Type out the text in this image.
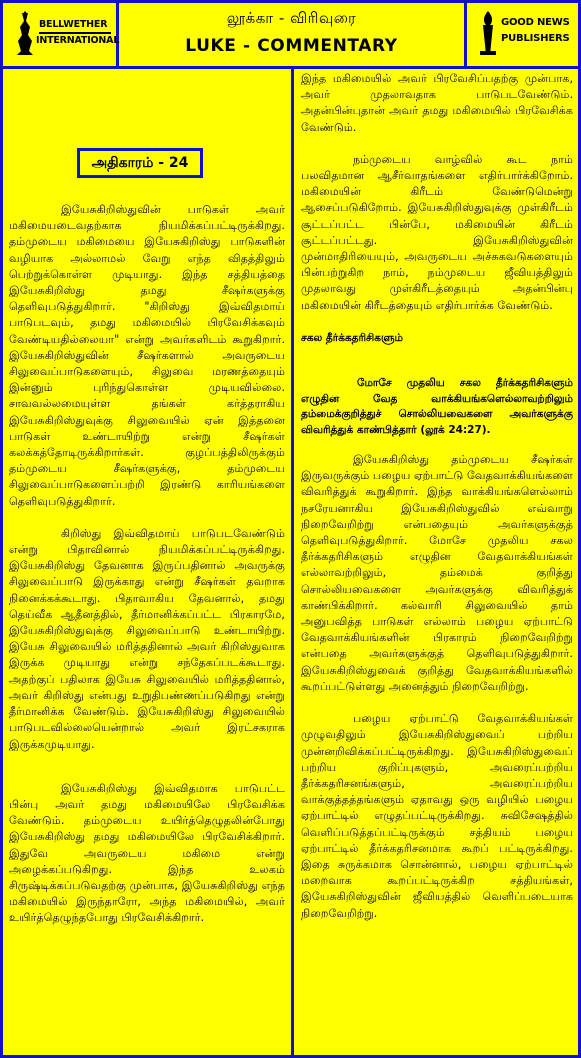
BELLWETHER
INTERNATIONAL
லூக்கா - விரிவுரை
LUKE - COMMENTARY
GOOD NEWS
PUBLISHERS
அதிகாரம் - 24

இயேசுகிறிஸ்துவின் பாடுகள் அவர் மகிமையடைவதற்காக நியமிக்கப்பட்டிருக்கிறது. தம்முடைய மகிமையை இயேசுகிறிஸ்து பாடுகளின் வழியாக அல்லாமல் வேறு எந்த விதத்திலும் பெற்றுக்கொள்ள முடியாது. இந்த சத்தியத்தை இயேசுகிறிஸ்து தமது சீஷர்களுக்கு தெளிவுபடுத்துகிறார். "கிறிஸ்து இவ்விதமாய் பாடுபடவும், தமது மகிமையில் பிரவேசிக்கவும் வேண்டியதில்லையா" என்று அவர்களிடம் கூறுகிறார். இயேசுகிறிஸ்துவின் சீஷர்களால் அவருடைய சிலுவைப்பாடுகளையும், சிலுவை மரணத்தையும் இன்னும் புரிந்துகொள்ள முடியவில்லை. சாவவல்லமையுள்ள தங்கள் கர்த்தராகிய இயேசுகிறிஸ்துவுக்கு சிலுவையில் ஏன் இத்தனை பாடுகள் உண்டாயிற்று என்று சீஷர்கள் கலக்கத்தோடிருக்கிறார்கள். குழப்பத்திலிருக்கும் தம்முடைய சீஷர்களுக்கு, தம்முடைய சிலுவைப்பாடுகளைப்பற்றி இரண்டு காரியங்களை தெளிவுபடுத்துகிறார்.

கிறிஸ்து இவ்விதமாய் பாடுபடவேண்டும் என்று பிதாவினால் நியமிக்கப்பட்டிருக்கிறது. இயேசுகிறிஸ்து தேவனாக இருப்பதினால் அவருக்கு சிலுவைப்பாடு இருக்காது என்று சீஷர்கள் தவறாக நினைக்கக்கூடாது. பிதாவாகிய தேவனால், தமது தெய்வீக ஆதீனத்தில், தீர்மானிக்கப்பட்ட பிரகாரமே, இயேசுகிறிஸ்துவுக்கு சிலுவைப்பாடு உண்டாயிற்று. இயேசு சிலுவையில் மரித்ததினால் அவர் கிறிஸ்துவாக இருக்க முடியாது என்று சந்தேகப்படக்கூடாது. அதற்குப் பதிலாக இயேசு சிலுவையில் மரித்ததினால், அவர் கிறிஸ்து என்பது உறுதிபண்ணப்படுகிறது என்று தீர்மானிக்க வேண்டும். இயேசுகிறிஸ்து சிலுவையில் பாடுபடவில்லையென்றால் அவர் இரட்சகராக இருக்கமுடியாது.

இயேசுகிறிஸ்து இவ்விதமாக பாடுபட்ட பின்பு அவர் தமது மகிமையிலே பிரவேசிக்க வேண்டும். தம்முடைய உயிர்த்தெழுதலின்போது இயேசுகிறிஸ்து தமது மகிமையிலே பிரவேசிக்கிறார். இதுவே அவருடைய மகிமை என்று அழைக்கப்படுகிறது. இந்த உலகம் சிருஷ்டிக்கப்படுவதற்கு முன்பாக, இயேசுகிறிஸ்து எந்த மகிமையில் இருந்தாரோ, அந்த மகிமையில், அவர் உயிர்த்தெழுந்தபோது பிரவேசிக்கிறார்.

இந்த மகிமையில் அவர் பிரவேசிப்பதற்கு முன்பாக, அவர் முதலாவதாக பாடுபடவேண்டும். அதன்பின்புதான் அவர் தமது மகிமையில் பிரவேசிக்க வேண்டும்.

நம்முடைய வாழ்வில் கூட நாம் பலவிதமான ஆசீர்வாதங்களை எதிர்பார்க்கிறோம். மகிமையின் கிரீடம் வேண்டுமென்று ஆசைப்படுகிறோம். இயேசுகிறிஸ்துவுக்கு முள்கிரீடம் சூட்டப்பட்ட பின்பே, மகிமையின் கிரீடம் சூட்டப்பட்டது. இயேசுகிறிஸ்துவின் முன்மாதிரியையும், அவருடைய அச்சுகவடுகளையும் பின்பற்றுகிற நாம், நம்முடைய ஜீவியத்திலும் முதலாவது முள்கிரீடத்தையும் அதன்பின்பு மகிமையின் கிரீடத்தையும் எதிர்பார்க்க வேண்டும்.

சகல தீர்க்கதரிசிகளும்
மோசே முதலிய சகல தீர்க்கதரிசிகளும் எழுதின வேத வாக்கியங்களெல்லாவற்றிலும் தம்மைக்குறித்துச் சொல்லியவைகளை அவர்களுக்கு விவரித்துக் காண்பித்தார் (லூக் 24:27).

இயேசுகிறிஸ்து தம்முடைய சீஷர்கள் இருவருக்கும் பழைய ஏற்பாட்டு வேதவாக்கியங்களை விவரித்துக் கூறுகிறார். இந்த வாக்கியங்களெல்லாம் நசரேயனாகிய இயேசுகிறிஸ்துவில் எவ்வாறு நிறைவேறிற்று என்பதையும் அவர்களுக்குத் தெளிவுபடுத்துகிறார். மோசே முதலிய சகல தீர்க்கதரிசிகளும் எழுதின வேதவாக்கியங்கள் எல்லாவற்றிலும், தம்மைக் குறித்து சொல்லியவைகளை அவர்களுக்கு விவரித்துக் காண்பிக்கிறார். கல்வாரி சிலுவையில் தாம் அனுபவித்த பாடுகள் எல்லாம் பழைய ஏற்பாட்டு வேதவாக்கியங்களின் பிரகாரம் நிறைவேறிற்று என்பதை அவர்களுக்குத் தெளிவுபடுத்துகிறார். இயேசுகிறிஸ்துவைக் குறித்து வேதவாக்கியங்களில் கூறப்பட்டுள்ளது அனைத்தும் நிறைவேறிற்று.

பழைய ஏற்பாட்டு வேதவாக்கியங்கள் முழுவதிலும் இயேசுகிறிஸ்துவைப் பற்றிய முன்னறிவிக்கப்பட்டிருக்கிறது. இயேசுகிறிஸ்துவைப் பற்றிய குறிப்புகளும், அவரைப்பற்றிய தீர்க்கதரிசனங்களும், அவரைப்பற்றிய வாக்குத்தத்தங்களும் ஏதாவது ஒரு வழியில் பழைய ஏற்பாட்டில் எழுதப்பட்டிருக்கிறது. சுவிசேஷத்தில் வெளிப்படுத்தப்பட்டிருக்கும் சத்தியம் பழைய ஏற்பாட்டில் தீர்க்கதரிசனமாக கூறப் பட்டிருக்கிறது. இதை சுருக்கமாக சொன்னால், பழைய ஏற்பாட்டில் மறைவாக கூறப்பட்டிருக்கிற சத்தியங்கள், இயேசுகிறிஸ்துவின் ஜீவியத்தில் வெளிப்படையாக நிறைவேறிற்று.
